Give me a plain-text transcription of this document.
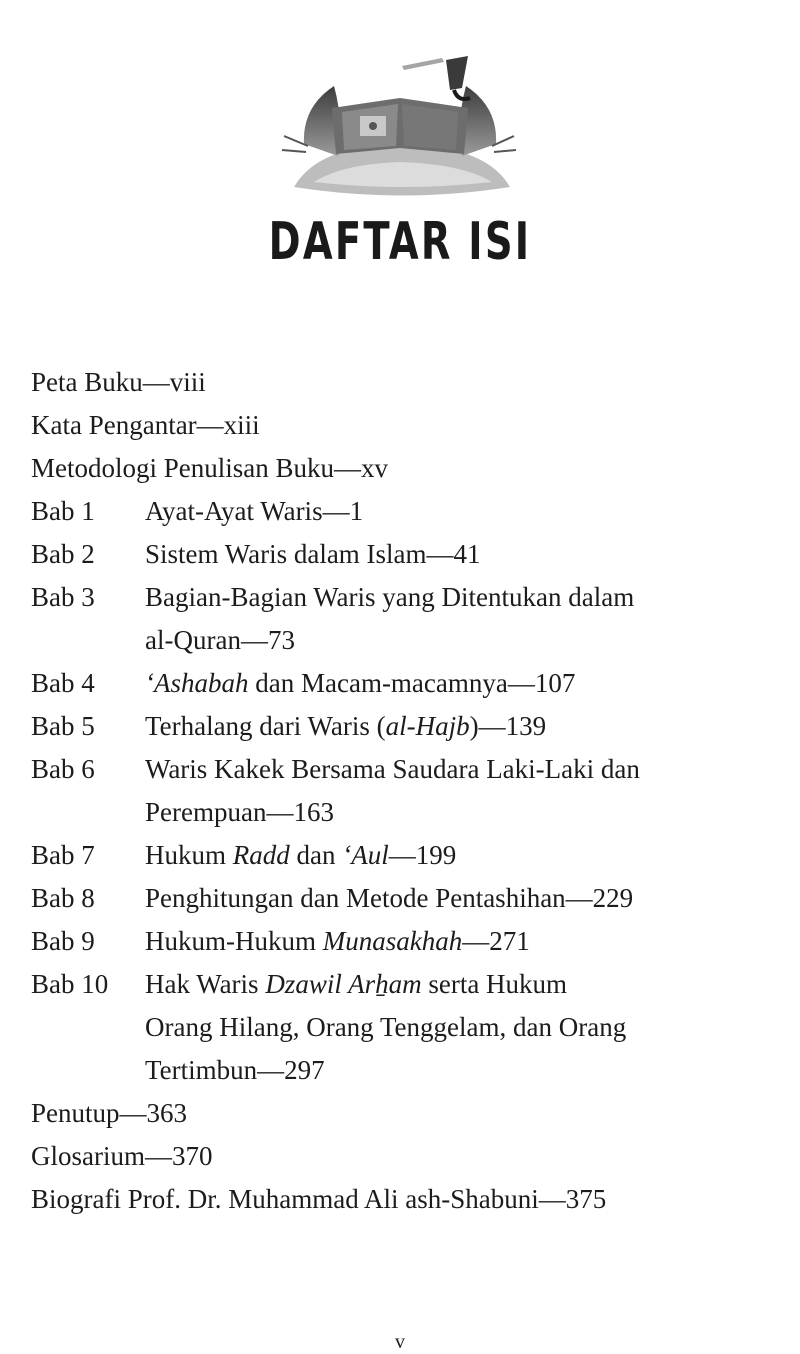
DAFTAR ISI
Peta Buku—viii
Kata Pengantar—xiii
Metodologi Penulisan Buku—xv
Bab 1	Ayat-Ayat Waris—1
Bab 2	Sistem Waris dalam Islam—41
Bab 3	Bagian-Bagian Waris yang Ditentukan dalam
al-Quran—73
Bab 4	‘Ashabah dan Macam-macamnya—107
Bab 5	Terhalang dari Waris (al-Hajb)—139
Bab 6	Waris Kakek Bersama Saudara Laki-Laki dan
Perempuan—163
Bab 7	Hukum Radd dan ‘Aul—199
Bab 8	Penghitungan dan Metode Pentashihan—229
Bab 9	Hukum-Hukum Munasakhah—271
Bab 10	Hak Waris Dzawil Arẖam serta Hukum
Orang Hilang, Orang Tenggelam, dan Orang
Tertimbun—297
Penutup—363
Glosarium—370
Biografi Prof. Dr. Muhammad Ali ash-Shabuni—375
v
